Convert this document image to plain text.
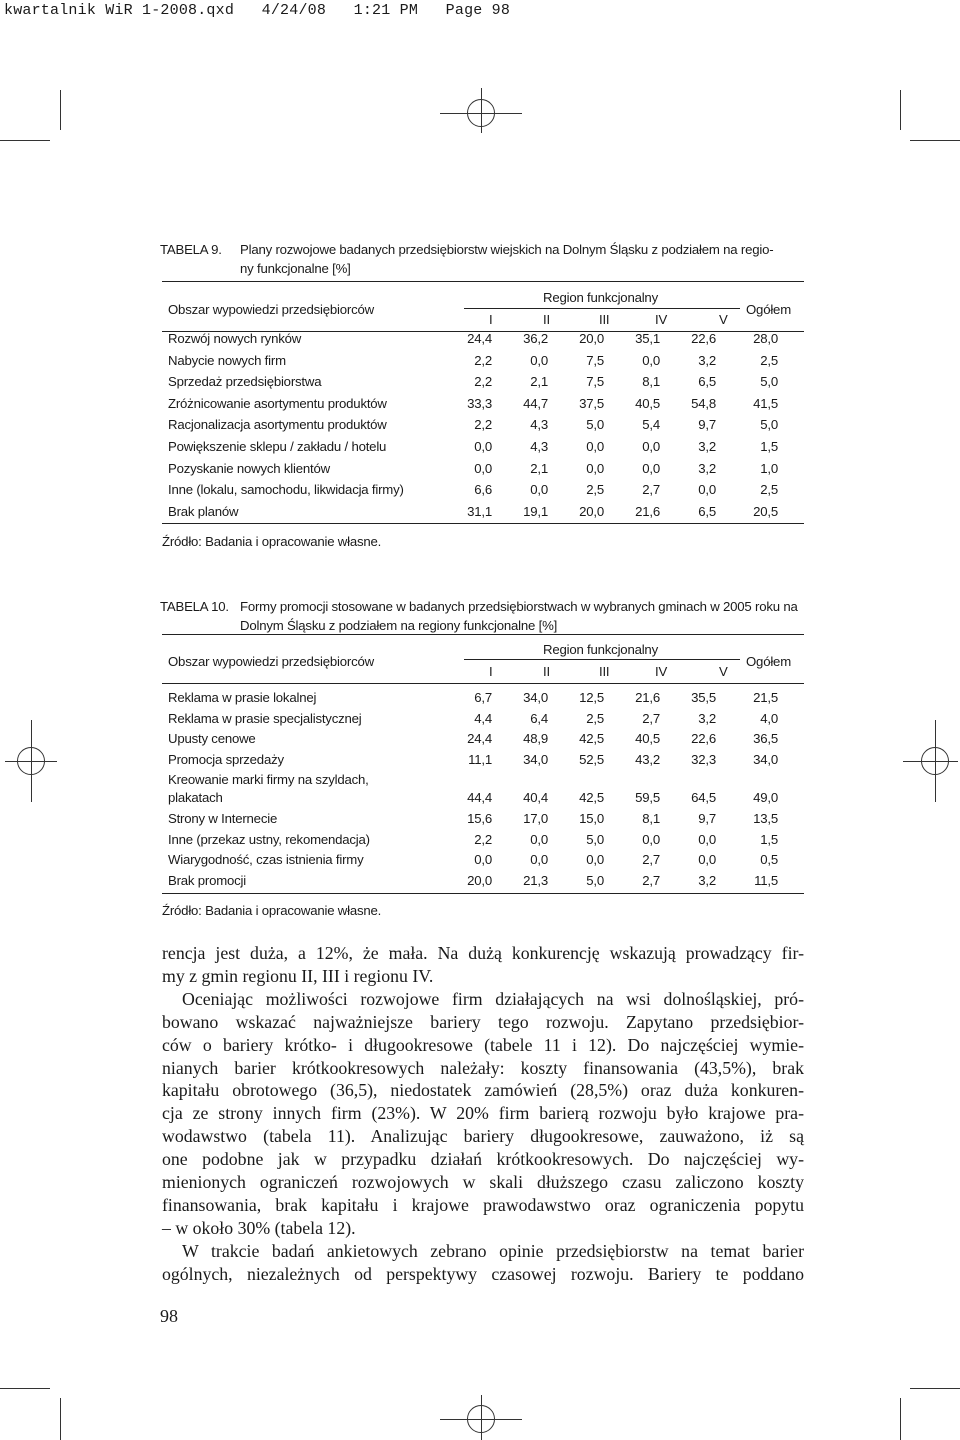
kwartalnik WiR 1-2008.qxd   4/24/08   1:21 PM   Page 98
TABELA 9. Plany rozwojowe badanych przedsiębiorstw wiejskich na Dolnym Śląsku z podziałem na regio-
ny funkcjonalne [%]
Obszar wypowiedzi przedsiębiorców
Region funkcjonalny
Ogółem
I	II	III	IV	V
Rozwój nowych rynków	24,4	36,2	20,0	35,1	22,6	28,0
Nabycie nowych firm	2,2	0,0	7,5	0,0	3,2	2,5
Sprzedaż przedsiębiorstwa	2,2	2,1	7,5	8,1	6,5	5,0
Zróżnicowanie asortymentu produktów	33,3	44,7	37,5	40,5	54,8	41,5
Racjonalizacja asortymentu produktów	2,2	4,3	5,0	5,4	9,7	5,0
Powiększenie sklepu / zakładu / hotelu	0,0	4,3	0,0	0,0	3,2	1,5
Pozyskanie nowych klientów	0,0	2,1	0,0	0,0	3,2	1,0
Inne (lokalu, samochodu, likwidacja firmy)	6,6	0,0	2,5	2,7	0,0	2,5
Brak planów	31,1	19,1	20,0	21,6	6,5	20,5
Źródło: Badania i opracowanie własne.
TABELA 10. Formy promocji stosowane w badanych przedsiębiorstwach w wybranych gminach w 2005 roku na
Dolnym Śląsku z podziałem na regiony funkcjonalne [%]
Obszar wypowiedzi przedsiębiorców
Region funkcjonalny
Ogółem
I	II	III	IV	V
Reklama w prasie lokalnej	6,7	34,0	12,5	21,6	35,5	21,5
Reklama w prasie specjalistycznej	4,4	6,4	2,5	2,7	3,2	4,0
Upusty cenowe	24,4	48,9	42,5	40,5	22,6	36,5
Promocja sprzedaży	11,1	34,0	52,5	43,2	32,3	34,0
Kreowanie marki firmy na szyldach,
plakatach	44,4	40,4	42,5	59,5	64,5	49,0
Strony w Internecie	15,6	17,0	15,0	8,1	9,7	13,5
Inne (przekaz ustny, rekomendacja)	2,2	0,0	5,0	0,0	0,0	1,5
Wiarygodność, czas istnienia firmy	0,0	0,0	0,0	2,7	0,0	0,5
Brak promocji	20,0	21,3	5,0	2,7	3,2	11,5
Źródło: Badania i opracowanie własne.

rencja jest duża, a 12%, że mała. Na dużą konkurencję wskazują prowadzący fir-
my z gmin regionu II, III i regionu IV.

Oceniając możliwości rozwojowe firm działających na wsi dolnośląskiej, pró-
bowano wskazać najważniejsze bariery tego rozwoju. Zapytano przedsiębior-
ców o bariery krótko- i długookresowe (tabele 11 i 12). Do najczęściej wymie-
nianych barier krótkookresowych należały: koszty finansowania (43,5%), brak
kapitału obrotowego (36,5), niedostatek zamówień (28,5%) oraz duża konkuren-
cja ze strony innych firm (23%). W 20% firm barierą rozwoju było krajowe pra-
wodawstwo (tabela 11). Analizując bariery długookresowe, zauważono, iż są
one podobne jak w przypadku działań krótkookresowych. Do najczęściej wy-
mienionych ograniczeń rozwojowych w skali dłuższego czasu zaliczono koszty
finansowania, brak kapitału i krajowe prawodawstwo oraz ograniczenia popytu
– w około 30% (tabela 12).

W trakcie badań ankietowych zebrano opinie przedsiębiorstw na temat barier
ogólnych, niezależnych od perspektywy czasowej rozwoju. Bariery te poddano

98
